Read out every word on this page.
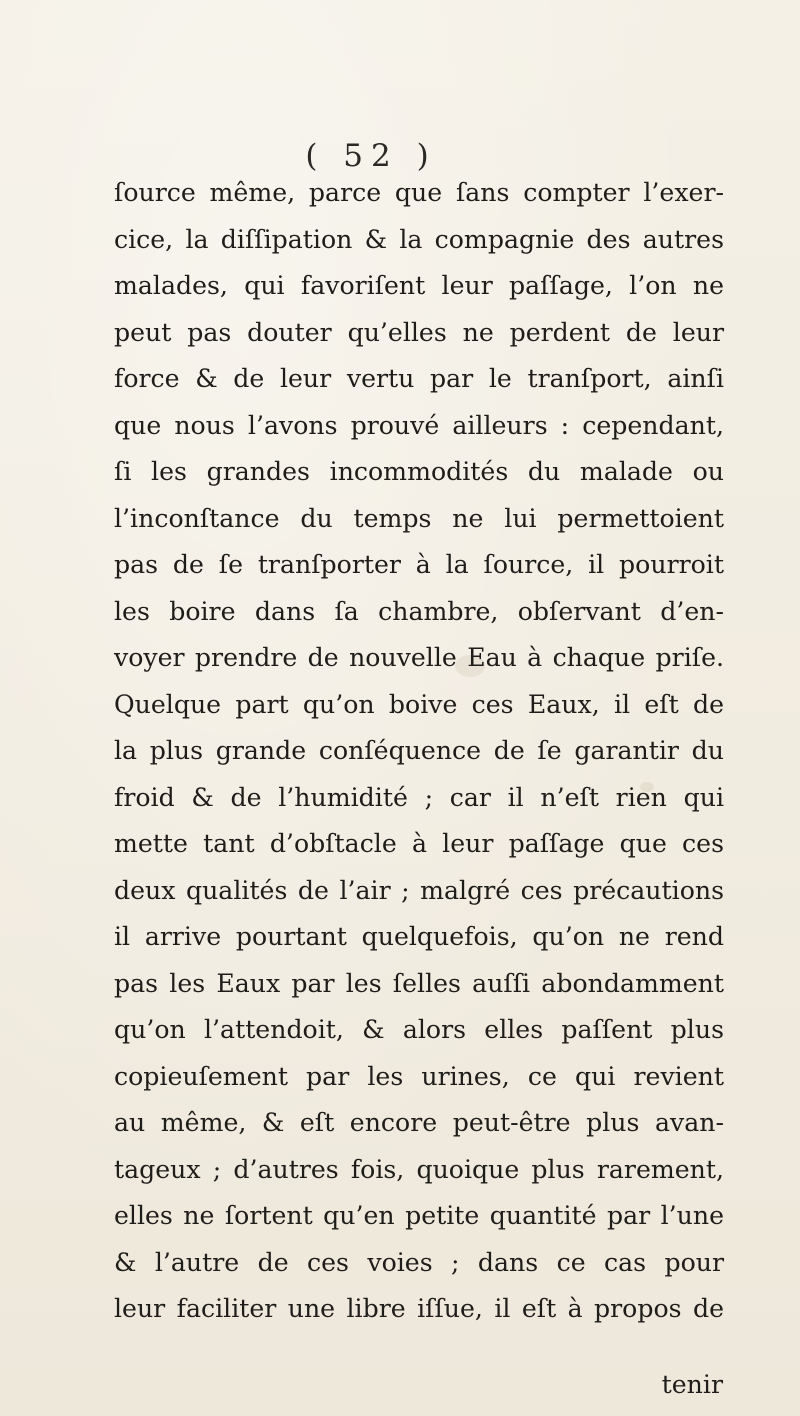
( 52 )
ſource même, parce que ſans compter l’exer-
cice, la diſſipation & la compagnie des autres
malades, qui favoriſent leur paſſage, l’on ne
peut pas douter qu’elles ne perdent de leur
force & de leur vertu par le tranſport, ainſi
que nous l’avons prouvé ailleurs : cependant,
ſi les grandes incommodités du malade ou
l’inconſtance du temps ne lui permettoient
pas de ſe tranſporter à la ſource, il pourroit
les boire dans ſa chambre, obſervant d’en-
voyer prendre de nouvelle Eau à chaque priſe.
Quelque part qu’on boive ces Eaux, il eſt de
la plus grande conſéquence de ſe garantir du
froid & de l’humidité ; car il n’eſt rien qui
mette tant d’obſtacle à leur paſſage que ces
deux qualités de l’air ; malgré ces précautions
il arrive pourtant quelquefois, qu’on ne rend
pas les Eaux par les ſelles auſſi abondamment
qu’on l’attendoit, & alors elles paſſent plus
copieuſement par les urines, ce qui revient
au même, & eſt encore peut-être plus avan-
tageux ; d’autres fois, quoique plus rarement,
elles ne ſortent qu’en petite quantité par l’une
& l’autre de ces voies ; dans ce cas pour
leur faciliter une libre iſſue, il eſt à propos de
tenir
